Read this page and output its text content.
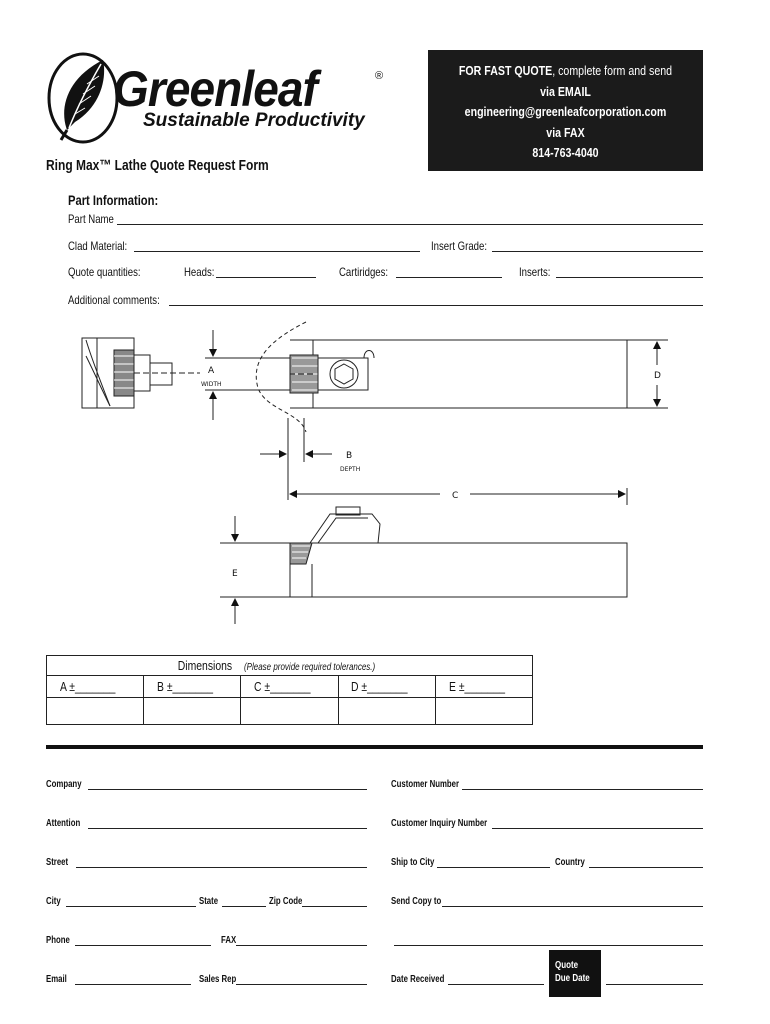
Greenleaf	®
Sustainable Productivity
FOR FAST QUOTE, complete form and send
via EMAIL
engineering@greenleafcorporation.com
via FAX
814-763-4040
Ring Max™ Lathe Quote Request Form
Part Information:
Part Name
Clad Material:	Insert Grade:
Quote quantities:	Heads:	Cartiridges:	Inserts:
Additional comments:
A
WIDTH
B
DEPTH
C
D
E
Dimensions (Please provide required tolerances.)				
A ±_______	B ±_______	C ±_______	D ±_______	E ±_______

Company
Attention
Street
City	State	Zip Code
Phone	FAX
Email	Sales Rep
Customer Number
Customer Inquiry Number
Ship to City	Country
Send Copy to
Date Received
Quote
Due Date
